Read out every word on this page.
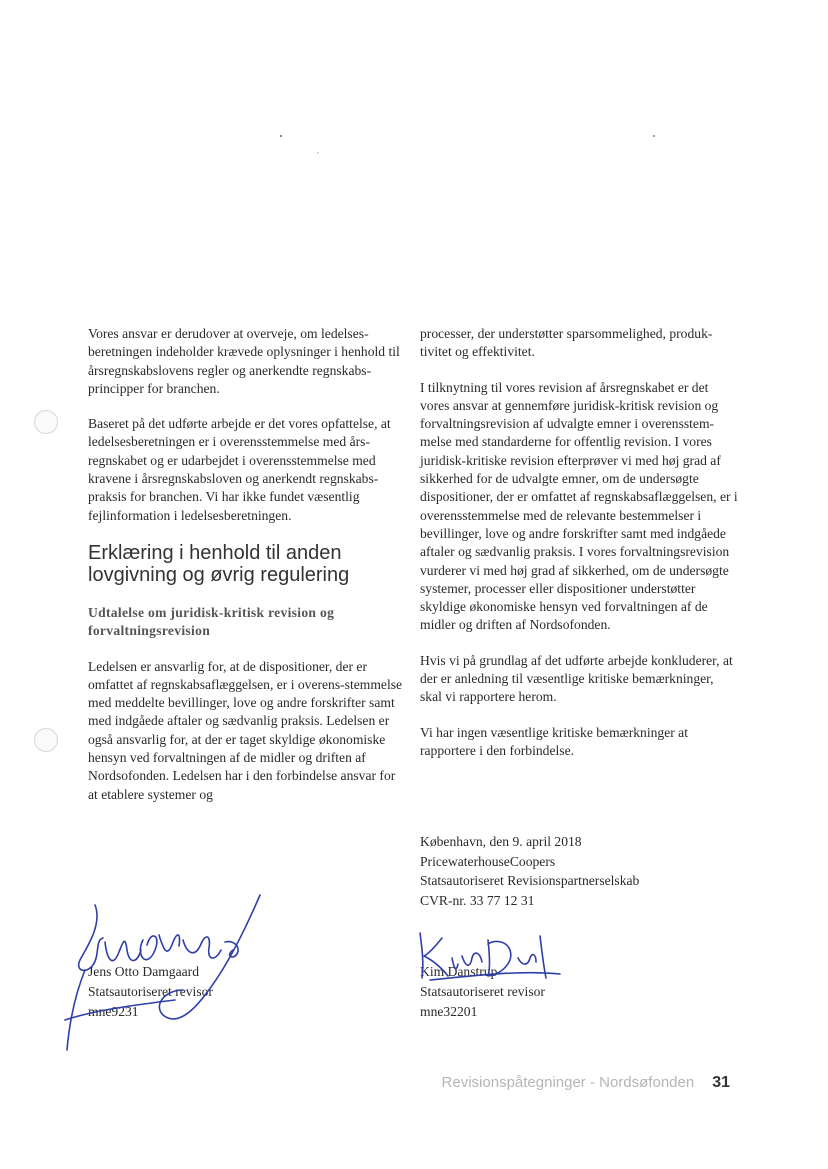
Vores ansvar er derudover at overveje, om ledelsesberetningen indeholder krævede oplysninger i henhold til årsregnskabslovens regler og anerkendte regnskabsprincipper for branchen.

Baseret på det udførte arbejde er det vores opfattelse, at ledelsesberetningen er i overensstemmelse med årsregnskabet og er udarbejdet i overensstemmelse med kravene i årsregnskabsloven og anerkendt regnskabspraksis for branchen. Vi har ikke fundet væsentlig fejlinformation i ledelsesberetningen.

Erklæring i henhold til anden lovgivning og øvrig regulering

Udtalelse om juridisk-kritisk revision og forvaltningsrevision

Ledelsen er ansvarlig for, at de dispositioner, der er omfattet af regnskabsaflæggelsen, er i overens-stemmelse med meddelte bevillinger, love og andre forskrifter samt med indgåede aftaler og sædvanlig praksis. Ledelsen er også ansvarlig for, at der er taget skyldige økonomiske hensyn ved forvaltningen af de midler og driften af Nordsofonden. Ledelsen har i den forbindelse ansvar for at etablere systemer og

processer, der understøtter sparsommelighed, produktivitet og effektivitet.

I tilknytning til vores revision af årsregnskabet er det vores ansvar at gennemføre juridisk-kritisk revision og forvaltningsrevision af udvalgte emner i overensstemmelse med standarderne for offentlig revision. I vores juridisk-kritiske revision efterprøver vi med høj grad af sikkerhed for de udvalgte emner, om de undersøgte dispositioner, der er omfattet af regnskabsaflæggelsen, er i overensstemmelse med de relevante bestemmelser i bevillinger, love og andre forskrifter samt med indgåede aftaler og sædvanlig praksis. I vores forvaltningsrevision vurderer vi med høj grad af sikkerhed, om de undersøgte systemer, processer eller dispositioner understøtter skyldige økonomiske hensyn ved forvaltningen af de midler og driften af Nordsofonden.

Hvis vi på grundlag af det udførte arbejde konkluderer, at der er anledning til væsentlige kritiske bemærkninger, skal vi rapportere herom.

Vi har ingen væsentlige kritiske bemærkninger at rapportere i den forbindelse.

København, den 9. april 2018
PricewaterhouseCoopers
Statsautoriseret Revisionspartnerselskab
CVR-nr. 33 77 12 31
Jens Otto Damgaard
Statsautoriseret revisor
mne9231
Kim Danstrup
Statsautoriseret revisor
mne32201
Revisionspåtegninger - Nordsøfonden 31
